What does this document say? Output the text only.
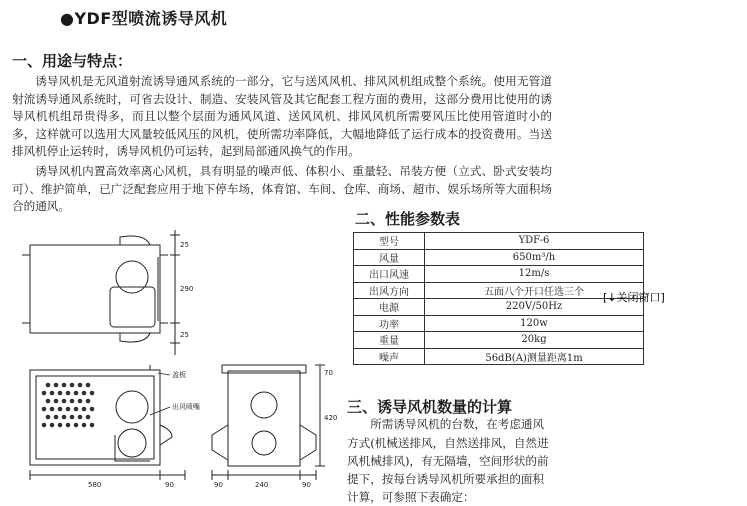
●YDF型喷流诱导风机
一、用途与特点：
诱导风机是无风道射流诱导通风系统的一部分，它与送风风机、排风风机组成整个系统。使用无管道射流诱导通风系统时，可省去设计、制造、安装风管及其它配套工程方面的费用，这部分费用比使用的诱导风机机组昂贵得多，而且以整个层面为通风风道、送风风机、排风风机所需要风压比使用管道时小的多，这样就可以选用大风量较低风压的风机，使所需功率降低，大幅地降低了运行成本的投资费用。当送排风机停止运转时，诱导风机仍可运转，起到局部通风换气的作用。
诱导风机内置高效率离心风机，具有明显的噪声低、体积小、重量轻、吊装方便（立式、卧式安装均可）、维护简单，已广泛配套应用于地下停车场，体育馆、车间、仓库、商场、超市、娱乐场所等大面积场合的通风。
二、性能参数表
型号	YDF-6
风量	650m³/h
出口风速	12m/s
出风方向	五面八个开口任选三个
电源	220V/50Hz
功率	120w
重量	20kg
噪声	56dB(A)测量距离1m
[↓关闭窗口]
三、诱导风机数量的计算
所需诱导风机的台数，在考虑通风
方式(机械送排风，自然送排风，自然进
风机械排风)，有无隔墙，空间形状的前
提下，按每台诱导风机所要承担的面积
计算，可参照下表确定：
25
290
25
580	90	90	240	90
420
70
盖板
出风喷嘴
